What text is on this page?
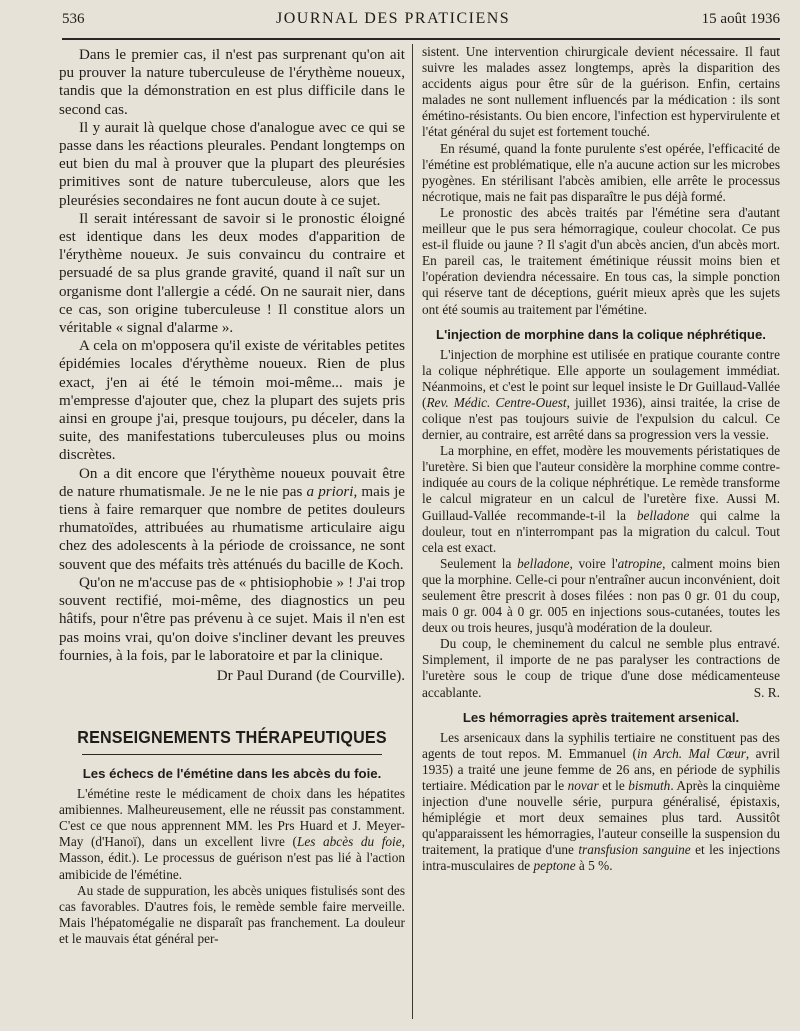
536	JOURNAL DES PRATICIENS	15 août 1936

Dans le premier cas, il n'est pas surprenant qu'on ait pu prouver la nature tuberculeuse de l'érythème noueux, tandis que la démonstration en est plus difficile dans le second cas.

Il y aurait là quelque chose d'analogue avec ce qui se passe dans les réactions pleurales. Pendant longtemps on eut bien du mal à prouver que la plupart des pleurésies primitives sont de nature tuberculeuse, alors que les pleurésies secondaires ne font aucun doute à ce sujet.

Il serait intéressant de savoir si le pronostic éloigné est identique dans les deux modes d'apparition de l'érythème noueux. Je suis convaincu du contraire et persuadé de sa plus grande gravité, quand il naît sur un organisme dont l'allergie a cédé. On ne saurait nier, dans ce cas, son origine tuberculeuse ! Il constitue alors un véritable « signal d'alarme ».

A cela on m'opposera qu'il existe de véritables petites épidémies locales d'érythème noueux. Rien de plus exact, j'en ai été le témoin moi-même... mais je m'empresse d'ajouter que, chez la plupart des sujets pris ainsi en groupe j'ai, presque toujours, pu déceler, dans la suite, des manifestations tuberculeuses plus ou moins discrètes.

On a dit encore que l'érythème noueux pouvait être de nature rhumatismale. Je ne le nie pas a priori, mais je tiens à faire remarquer que nombre de petites douleurs rhumatoïdes, attribuées au rhumatisme articulaire aigu chez des adolescents à la période de croissance, ne sont souvent que des méfaits très atténués du bacille de Koch.

Qu'on ne m'accuse pas de « phtisiophobie » ! J'ai trop souvent rectifié, moi-même, des diagnostics un peu hâtifs, pour n'être pas prévenu à ce sujet. Mais il n'en est pas moins vrai, qu'on doive s'incliner devant les preuves fournies, à la fois, par le laboratoire et par la clinique.

Dr Paul Durand (de Courville).

RENSEIGNEMENTS THÉRAPEUTIQUES
Les échecs de l'émétine dans les abcès du foie.

L'émétine reste le médicament de choix dans les hépatites amibiennes. Malheureusement, elle ne réussit pas constamment. C'est ce que nous apprennent MM. les Prs Huard et J. Meyer-May (d'Hanoï), dans un excellent livre (Les abcès du foie, Masson, édit.). Le processus de guérison n'est pas lié à l'action amibicide de l'émétine.

Au stade de suppuration, les abcès uniques fistulisés sont des cas favorables. D'autres fois, le remède semble faire merveille. Mais l'hépatomégalie ne disparaît pas franchement. La douleur et le mauvais état général per-

sistent. Une intervention chirurgicale devient nécessaire. Il faut suivre les malades assez longtemps, après la disparition des accidents aigus pour être sûr de la guérison. Enfin, certains malades ne sont nullement influencés par la médication : ils sont émétino-résistants. Ou bien encore, l'infection est hypervirulente et l'état général du sujet est fortement touché.

En résumé, quand la fonte purulente s'est opérée, l'efficacité de l'émétine est problématique, elle n'a aucune action sur les microbes pyogènes. En stérilisant l'abcès amibien, elle arrête le processus nécrotique, mais ne fait pas disparaître le pus déjà formé.

Le pronostic des abcès traités par l'émétine sera d'autant meilleur que le pus sera hémorragique, couleur chocolat. Ce pus est-il fluide ou jaune ? Il s'agit d'un abcès ancien, d'un abcès mort. En pareil cas, le traitement émétinique réussit moins bien et l'opération deviendra nécessaire. En tous cas, la simple ponction qui réserve tant de déceptions, guérit mieux après que les sujets ont été soumis au traitement par l'émétine.

L'injection de morphine dans la colique néphrétique.

L'injection de morphine est utilisée en pratique courante contre la colique néphrétique. Elle apporte un soulagement immédiat. Néanmoins, et c'est le point sur lequel insiste le Dr Guillaud-Vallée (Rev. Médic. Centre-Ouest, juillet 1936), ainsi traitée, la crise de colique n'est pas toujours suivie de l'expulsion du calcul. Ce dernier, au contraire, est arrêté dans sa progression vers la vessie.

La morphine, en effet, modère les mouvements péristatiques de l'uretère. Si bien que l'auteur considère la morphine comme contre-indiquée au cours de la colique néphrétique. Le remède transforme le calcul migrateur en un calcul de l'uretère fixe. Aussi M. Guillaud-Vallée recommande-t-il la belladone qui calme la douleur, tout en n'interrompant pas la migration du calcul. Tout cela est exact.

Seulement la belladone, voire l'atropine, calment moins bien que la morphine. Celle-ci pour n'entraîner aucun inconvénient, doit seulement être prescrit à doses filées : non pas 0 gr. 01 du coup, mais 0 gr. 004 à 0 gr. 005 en injections sous-cutanées, toutes les deux ou trois heures, jusqu'à modération de la douleur.

Du coup, le cheminement du calcul ne semble plus entravé. Simplement, il importe de ne pas paralyser les contractions de l'uretère sous le coup de trique d'une dose médicamenteuse accablante.	S. R.

Les hémorragies après traitement arsenical.

Les arsenicaux dans la syphilis tertiaire ne constituent pas des agents de tout repos. M. Emmanuel (in Arch. Mal Cœur, avril 1935) a traité une jeune femme de 26 ans, en période de syphilis tertiaire. Médication par le novar et le bismuth. Après la cinquième injection d'une nouvelle série, purpura généralisé, épistaxis, hémiplégie et mort deux semaines plus tard. Aussitôt qu'apparaissent les hémorragies, l'auteur conseille la suspension du traitement, la pratique d'une transfusion sanguine et les injections intra-musculaires de peptone à 5 %.
